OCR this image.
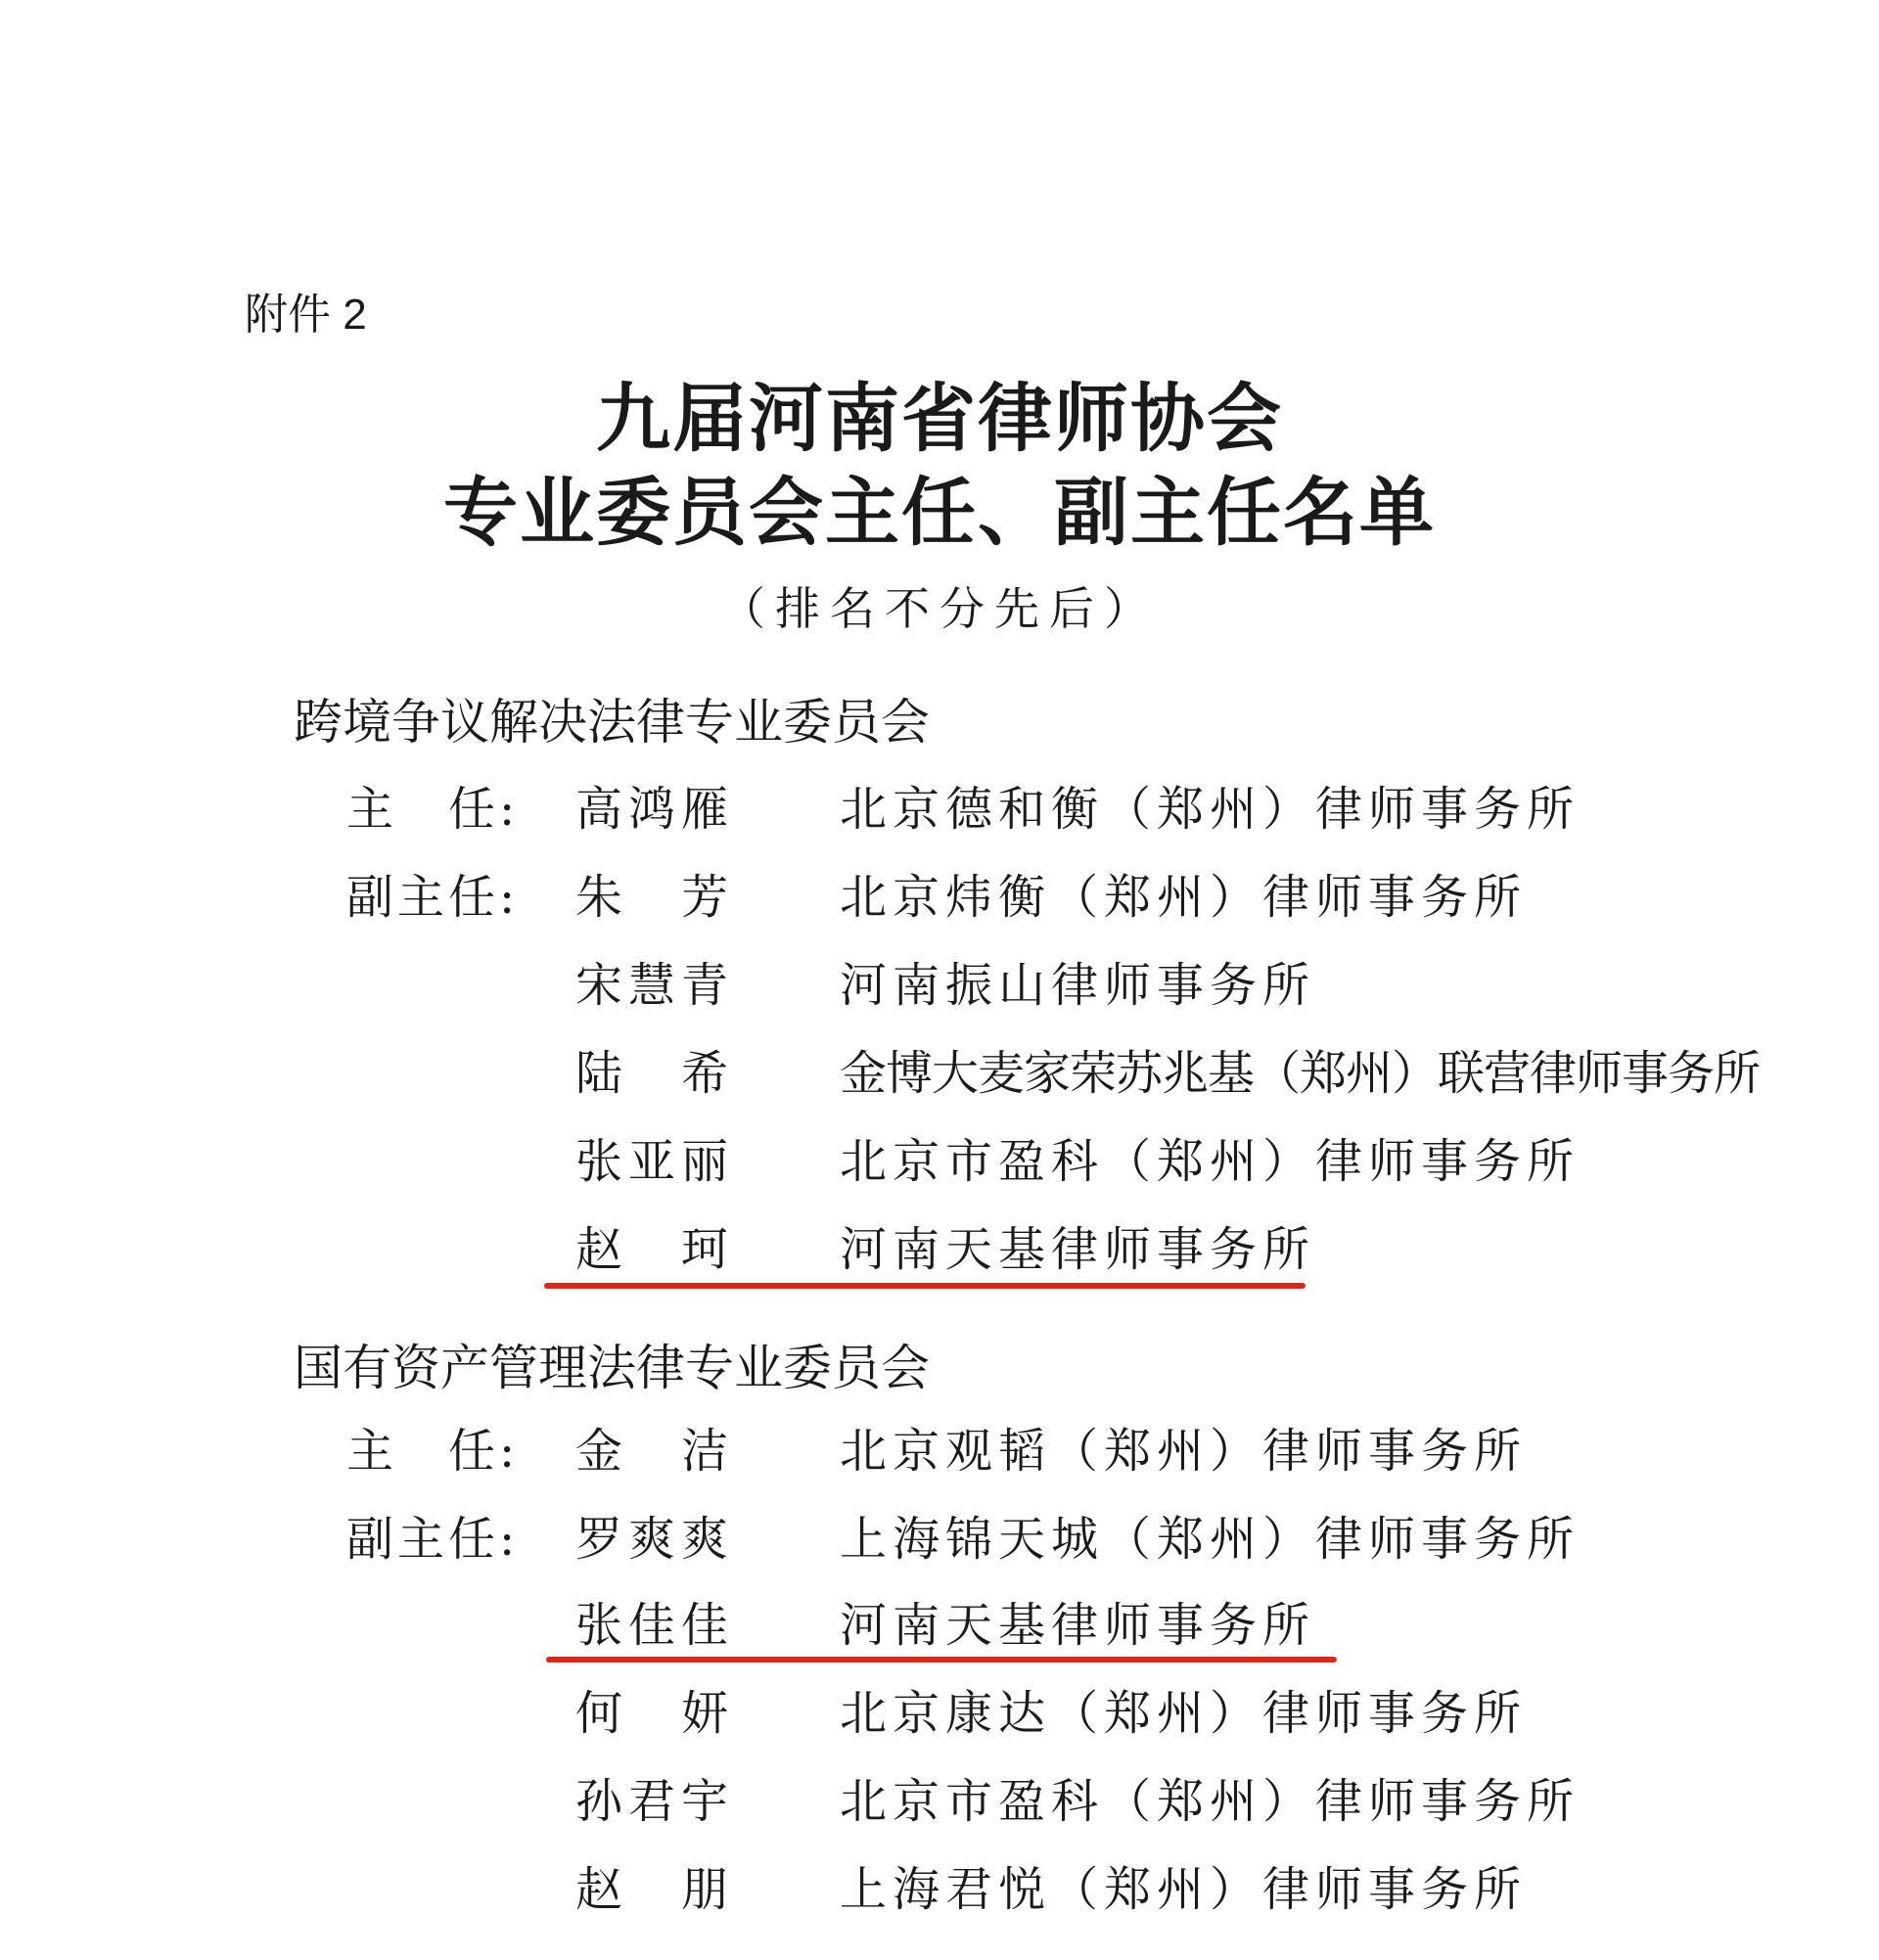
附件 2
九届河南省律师协会
专业委员会主任、副主任名单
（排名不分先后）
跨境争议解决法律专业委员会
主　任: 高鸿雁 北京德和衡（郑州）律师事务所
副主任: 朱　芳 北京炜衡（郑州）律师事务所
宋慧青 河南振山律师事务所
陆　希 金博大麦家荣苏兆基（郑州）联营律师事务所
张亚丽 北京市盈科（郑州）律师事务所
赵　珂 河南天基律师事务所
国有资产管理法律专业委员会
主　任: 金　洁 北京观韬（郑州）律师事务所
副主任: 罗爽爽 上海锦天城（郑州）律师事务所
张佳佳 河南天基律师事务所
何　妍 北京康达（郑州）律师事务所
孙君宇 北京市盈科（郑州）律师事务所
赵　朋 上海君悦（郑州）律师事务所
